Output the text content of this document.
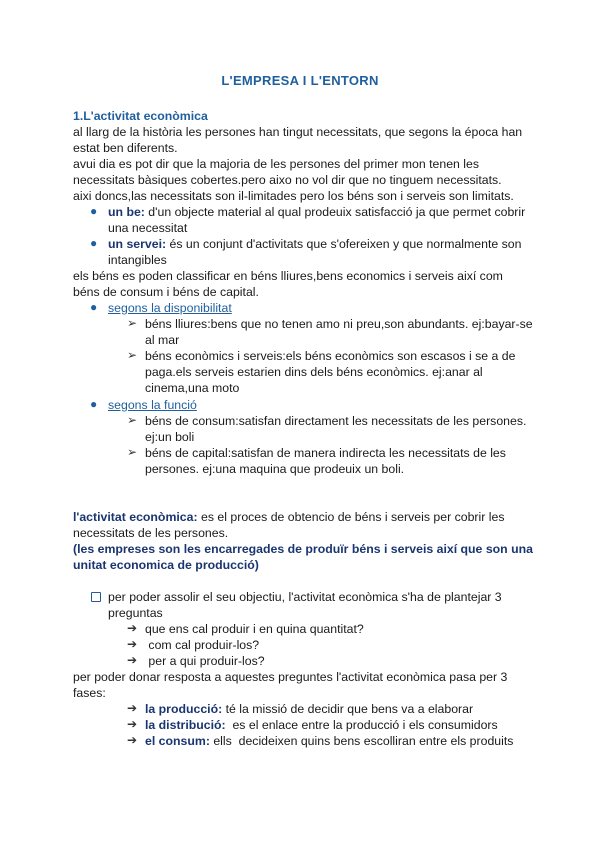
L'EMPRESA I L'ENTORN
1.L'activitat econòmica
al llarg de la història les persones han tingut necessitats, que segons la época han
estat ben diferents.
avui dia es pot dir que la majoria de les persones del primer mon tenen les
necessitats bàsiques cobertes.pero aixo no vol dir que no tinguem necessitats.
aixi doncs,las necessitats son il-limitades pero los béns son i serveis son limitats.
● un be: d'un objecte material al qual prodeuix satisfacció ja que permet cobrir
una necessitat
● un servei: és un conjunt d'activitats que s'ofereixen y que normalmente son
intangibles
els béns es poden classificar en béns lliures,bens economics i serveis així com
béns de consum i béns de capital.
● segons la disponibilitat
➢ béns lliures:bens que no tenen amo ni preu,son abundants. ej:bayar-se
al mar
➢ béns econòmics i serveis:els béns econòmics son escasos i se a de
paga.els serveis estarien dins dels béns econòmics. ej:anar al
cinema,una moto
● segons la funció
➢ béns de consum:satisfan directament les necessitats de les persones.
ej:un boli
➢ béns de capital:satisfan de manera indirecta les necessitats de les
persones. ej:una maquina que prodeuix un boli.
l'activitat econòmica: es el proces de obtencio de béns i serveis per cobrir les
necessitats de les persones.
(les empreses son les encarregades de produïr béns i serveis així que son una
unitat economica de producció)
per poder assolir el seu objectiu, l'activitat econòmica s'ha de plantejar 3
preguntas
➔ que ens cal produir i en quina quantitat?
➔ com cal produir-los?
➔ per a qui produir-los?
per poder donar resposta a aquestes preguntes l'activitat econòmica pasa per 3
fases:
➔ la producció: té la missió de decidir que bens va a elaborar
➔ la distribució:  es el enlace entre la producció i els consumidors
➔ el consum: ells  decideixen quins bens escolliran entre els produits
